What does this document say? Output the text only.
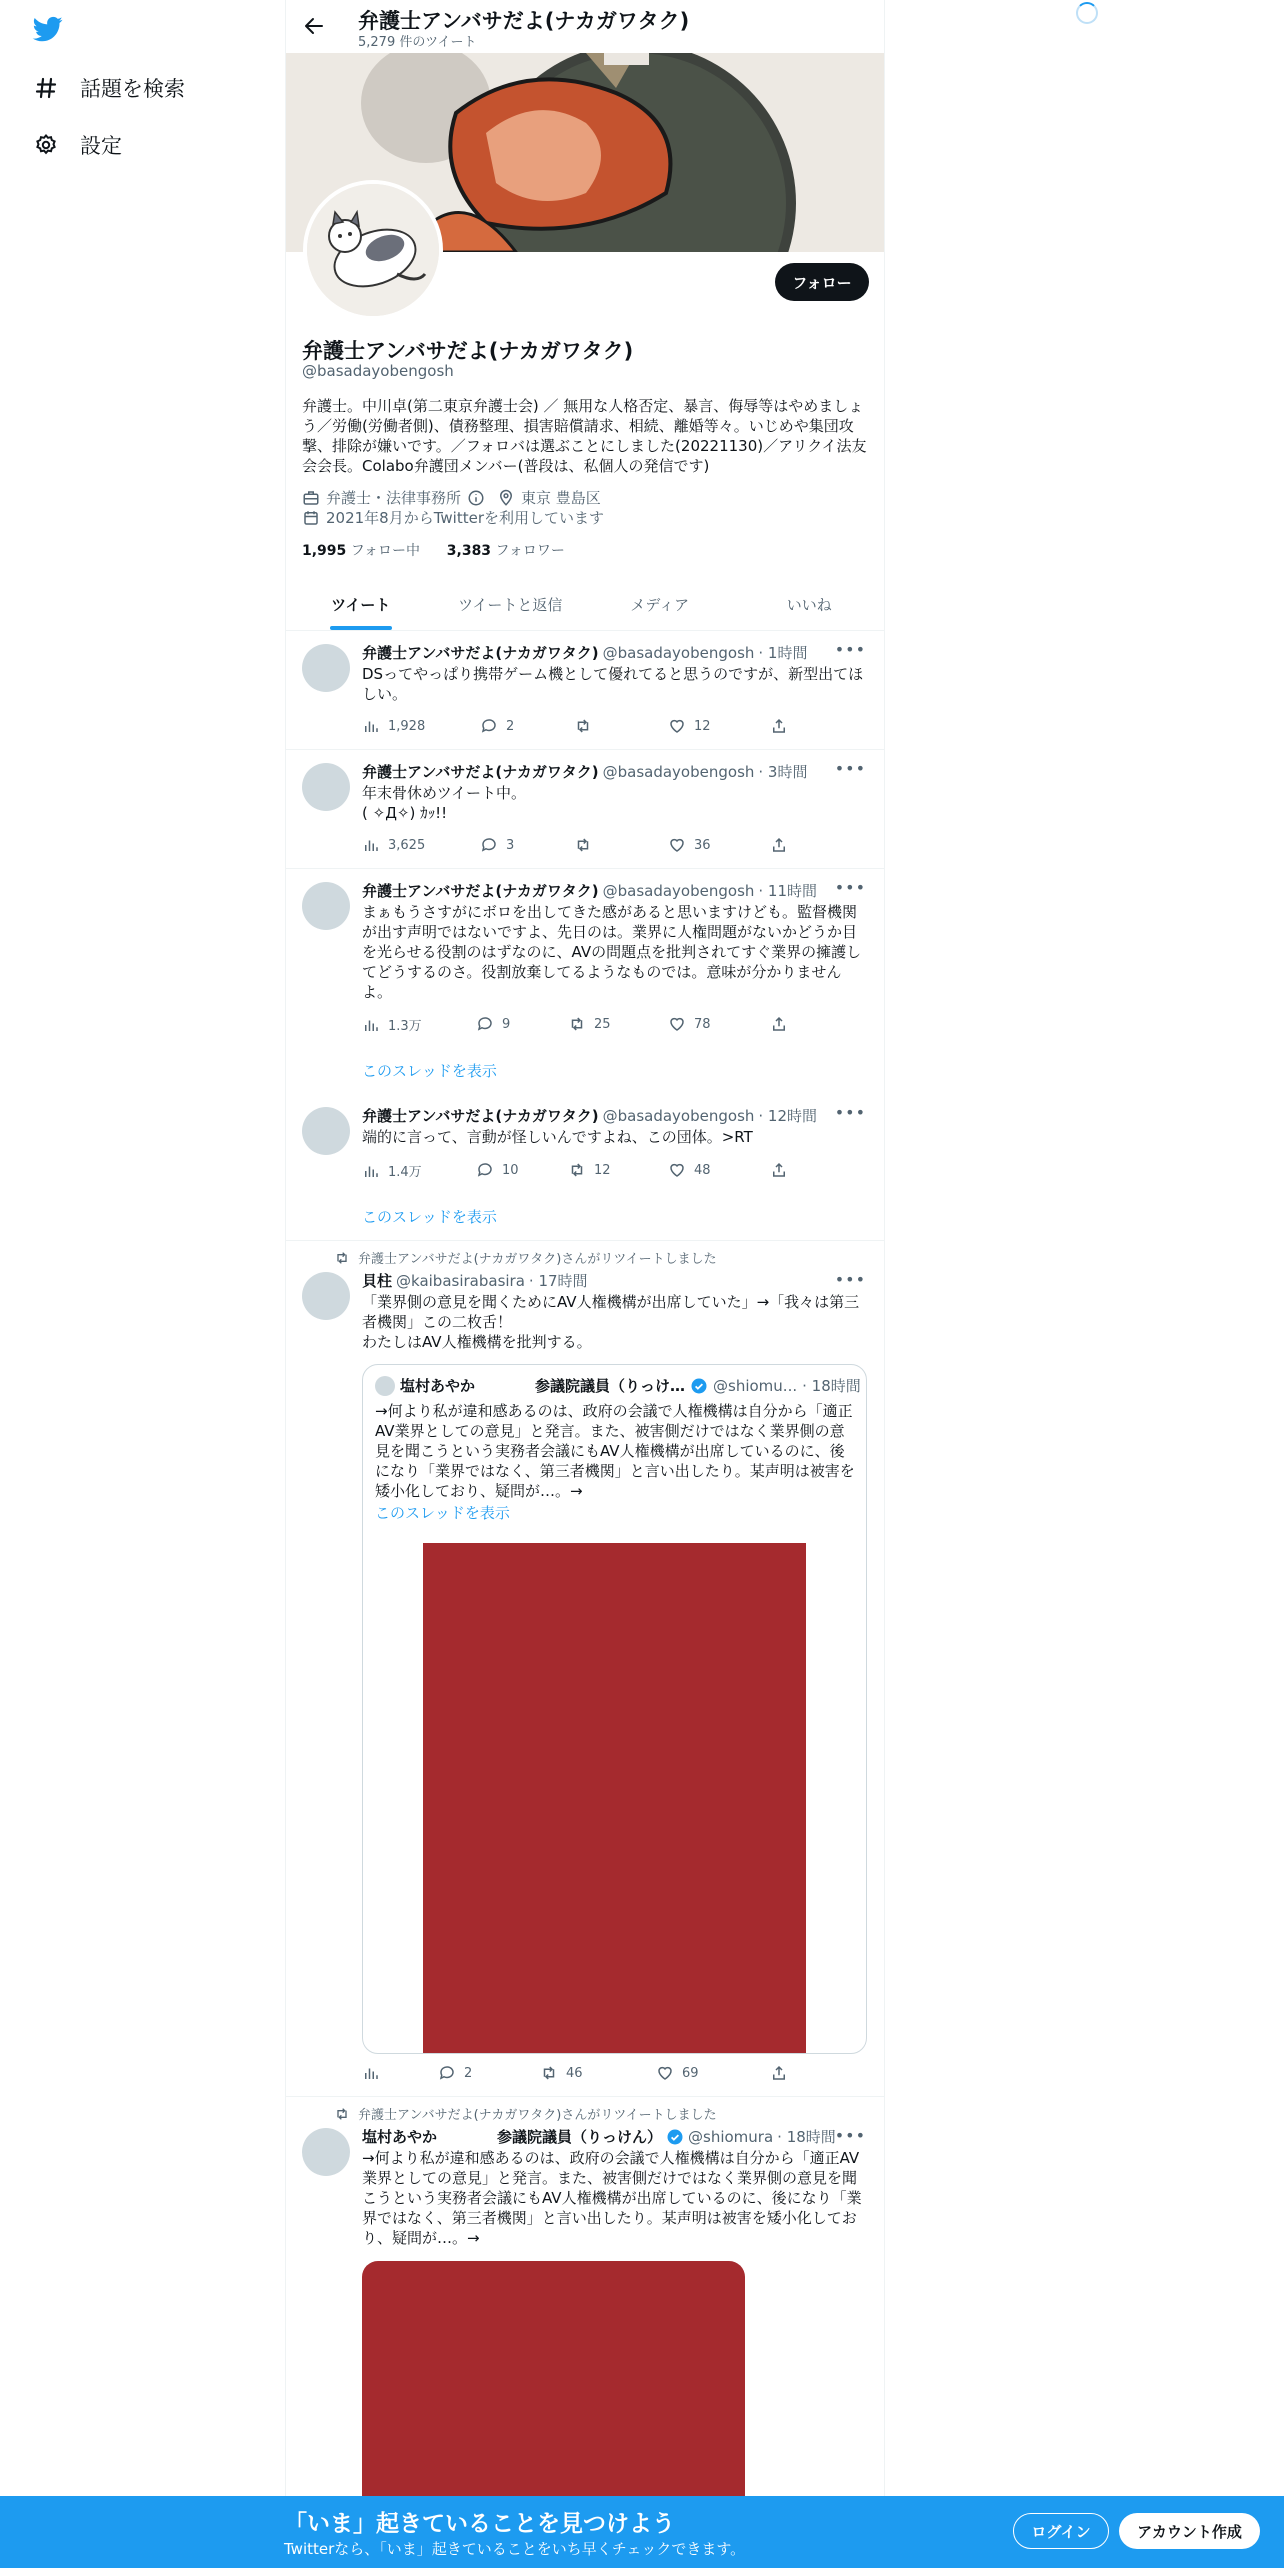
話題を検索
設定
弁護士アンバサだよ(ナカガワタク)
5,279 件のツイート
フォロー
弁護士アンバサだよ(ナカガワタク)
@basadayobengosh
弁護士。中川卓(第二東京弁護士会) ／ 無用な人格否定、暴言、侮辱等はやめましょう／労働(労働者側)、債務整理、損害賠償請求、相続、離婚等々。いじめや集団攻撃、排除が嫌いです。／フォロバは選ぶことにしました(20221130)／アリクイ法友会会長。Colabo弁護団メンバー(普段は、私個人の発信です)
弁護士・法律事務所	東京 豊島区
2021年8月からTwitterを利用しています
1,995 フォロー中 3,383 フォロワー
ツイート	ツイートと返信	メディア	いいね
弁護士アンバサだよ(ナカガワタク) @basadayobengosh · 1時間 •••
DSってやっぱり携帯ゲーム機として優れてると思うのですが、新型出てほしい。
1,928	2	12
弁護士アンバサだよ(ナカガワタク) @basadayobengosh · 3時間 •••
年末骨休めツイート中。
( ✧Д✧) ｶｯ!!
3,625	3	36
弁護士アンバサだよ(ナカガワタク) @basadayobengosh · 11時間 •••
まぁもうさすがにボロを出してきた感があると思いますけども。監督機関が出す声明ではないですよ、先日のは。業界に人権問題がないかどうか目を光らせる役割のはずなのに、AVの問題点を批判されてすぐ業界の擁護してどうするのさ。役割放棄してるようなものでは。意味が分かりません よ。
1.3万	9	25	78
このスレッドを表示
弁護士アンバサだよ(ナカガワタク) @basadayobengosh · 12時間 •••
端的に言って、言動が怪しいんですよね、この団体。>RT
1.4万	10	12	48
このスレッドを表示
弁護士アンバサだよ(ナカガワタク)さんがリツイートしました
貝柱 @kaibasirabasira · 17時間	•••
「業界側の意見を聞くためにAV人権機構が出席していた」→「我々は第三者機関」この二枚舌！
わたしはAV人権機構を批判する。
塩村あやか　　　　参議院議員（りっけ… @shiomu... · 18時間
→何より私が違和感あるのは、政府の会議で人権機構は自分から「適正AV業界としての意見」と発言。また、被害側だけではなく業界側の意見を聞こうという実務者会議にもAV人権機構が出席しているのに、後になり「業界ではなく、第三者機関」と言い出したり。某声明は被害を矮小化しており、疑問が…。→
このスレッドを表示
2	46	69
弁護士アンバサだよ(ナカガワタク)さんがリツイートしました
塩村あやか　　　　参議院議員（りっけん） @shiomura · 18時間
•••
→何より私が違和感あるのは、政府の会議で人権機構は自分から「適正AV業界としての意見」と発言。また、被害側だけではなく業界側の意見を聞こうという実務者会議にもAV人権機構が出席しているのに、後になり「業界ではなく、第三者機関」と言い出したり。某声明は被害を矮小化しており、疑問が…。→
「いま」起きていることを見つけよう
Twitterなら、「いま」起きていることをいち早くチェックできます。
ログイン	アカウント作成
